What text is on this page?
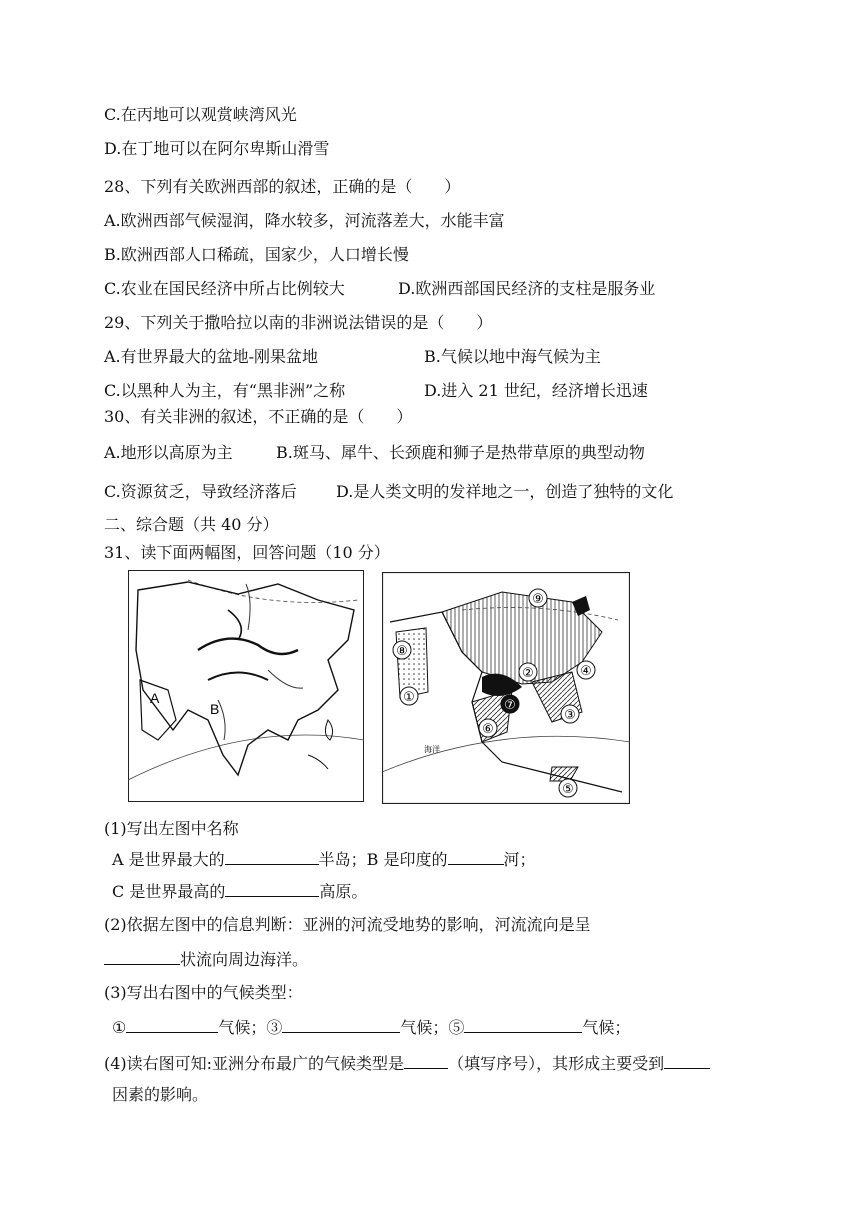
C.在丙地可以观赏峡湾风光
D.在丁地可以在阿尔卑斯山滑雪
28、下列有关欧洲西部的叙述，正确的是（　　）
A.欧洲西部气候湿润，降水较多，河流落差大，水能丰富
B.欧洲西部人口稀疏，国家少，人口增长慢
C.农业在国民经济中所占比例较大	D.欧洲西部国民经济的支柱是服务业
29、下列关于撒哈拉以南的非洲说法错误的是（　　）
A.有世界最大的盆地-刚果盆地	B.气候以地中海气候为主
C.以黑种人为主，有“黑非洲”之称	D.进入 21 世纪，经济增长迅速
30、有关非洲的叙述，不正确的是（　　）
A.地形以高原为主	B.斑马、犀牛、长颈鹿和狮子是热带草原的典型动物
C.资源贫乏，导致经济落后 D.是人类文明的发祥地之一，创造了独特的文化
二、综合题（共 40 分）
31、读下面两幅图，回答问题（10 分）
A
B
①
②
③
④
⑤
⑥
⑦
⑧
⑨
海洋
(1)写出左图中名称
A 是世界最大的	半岛；B 是印度的	河；
C 是世界最高的	高原。
(2)依据左图中的信息判断：亚洲的河流受地势的影响，河流流向是呈
状流向周边海洋。
(3)写出右图中的气候类型：
①	气候；③	气候；⑤	气候；
(4)读右图可知:亚洲分布最广的气候类型是	（填写序号），其形成主要受到
因素的影响。
